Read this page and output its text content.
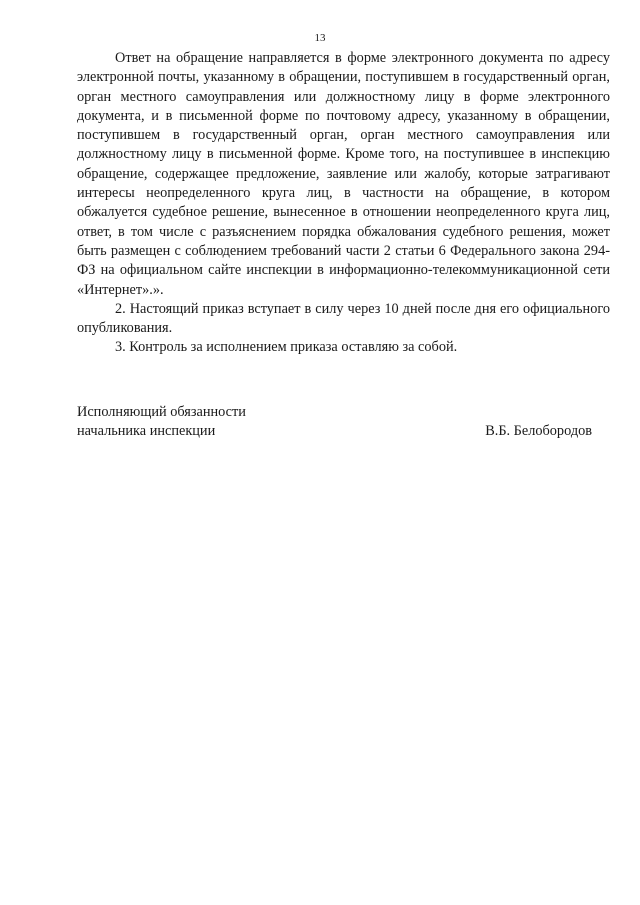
13

Ответ на обращение направляется в форме электронного документа по адресу электронной почты, указанному в обращении, поступившем в государственный орган, орган местного самоуправления или должностному лицу в форме электронного документа, и в письменной форме по почтовому адресу, указанному в обращении, поступившем в государственный орган, орган местного самоуправления или должностному лицу в письменной форме. Кроме того, на поступившее в инспекцию обращение, содержащее предложение, заявление или жалобу, которые затрагивают интересы неопределенного круга лиц, в частности на обращение, в котором обжалуется судебное решение, вынесенное в отношении неопределенного круга лиц, ответ, в том числе с разъяснением порядка обжалования судебного решения, может быть размещен с соблюдением требований части 2 статьи 6 Федерального закона 294-ФЗ на официальном сайте инспекции в информационно-телекоммуникационной сети «Интернет».».

2. Настоящий приказ вступает в силу через 10 дней после дня его официального опубликования.

3. Контроль за исполнением приказа оставляю за собой.

Исполняющий обязанности
начальника инспекции	В.Б. Белобородов
